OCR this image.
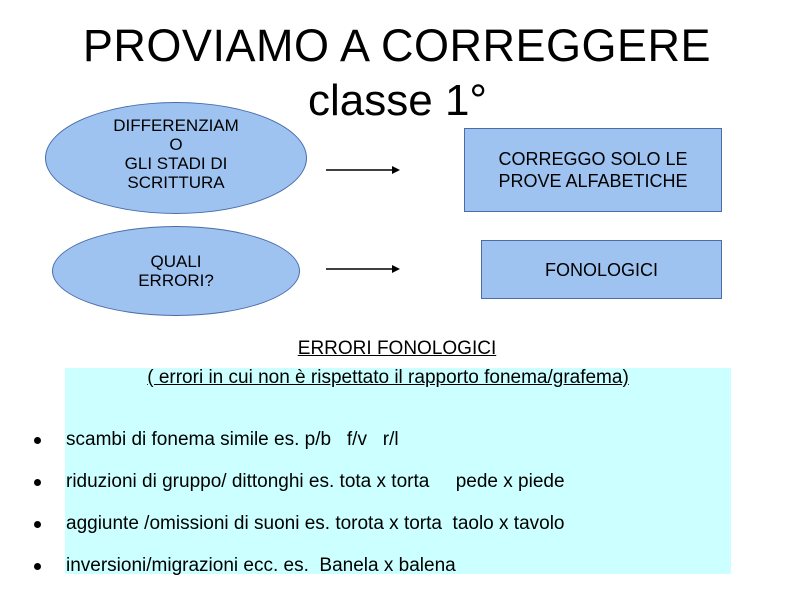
PROVIAMO A CORREGGERE
classe 1°
DIFFERENZIAM
O
GLI STADI DI
SCRITTURA
QUALI
ERRORI?
CORREGGO SOLO LE
PROVE ALFABETICHE
FONOLOGICI
ERRORI FONOLOGICI
( errori in cui non è rispettato il rapporto fonema/grafema)
scambi di fonema simile es. p/b   f/v   r/l
riduzioni di gruppo/ dittonghi es. tota x torta     pede x piede
aggiunte /omissioni di suoni es. torota x torta  taolo x tavolo
inversioni/migrazioni ecc. es.  Banela x balena
